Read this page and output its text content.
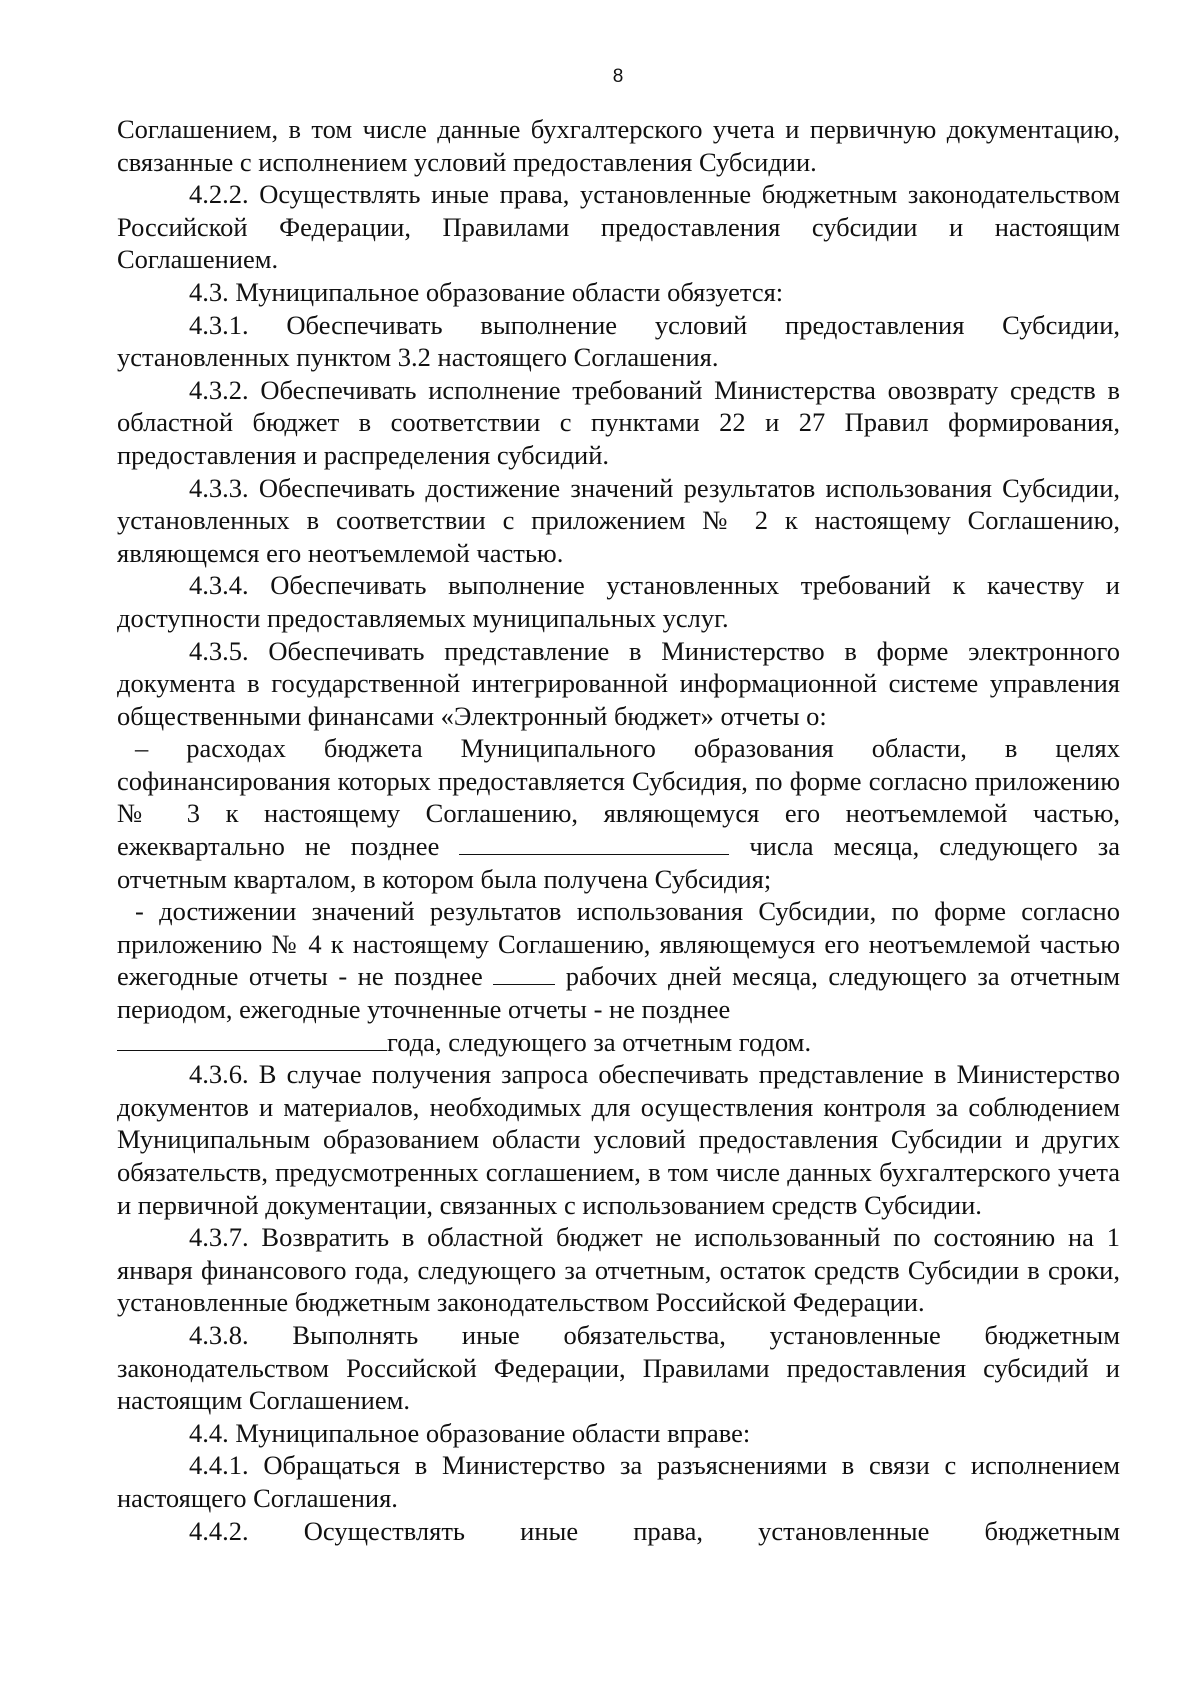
8

Соглашением, в том числе данные бухгалтерского учета и первичную документацию, связанные с исполнением условий предоставления Субсидии.

4.2.2. Осуществлять иные права, установленные бюджетным законодательством Российской Федерации, Правилами предоставления субсидии и настоящим Соглашением.

4.3. Муниципальное образование области обязуется:

4.3.1. Обеспечивать выполнение условий предоставления Субсидии, установленных пунктом 3.2 настоящего Соглашения.

4.3.2. Обеспечивать исполнение требований Министерства овозврату средств в областной бюджет в соответствии с пунктами 22 и 27 Правил формирования, предоставления и распределения субсидий.

4.3.3. Обеспечивать достижение значений результатов использования Субсидии, установленных в соответствии с приложением № 2 к настоящему Соглашению, являющемся его неотъемлемой частью.

4.3.4. Обеспечивать выполнение установленных требований к качеству и доступности предоставляемых муниципальных услуг.

4.3.5. Обеспечивать представление в Министерство в форме электронного документа в государственной интегрированной информационной системе управления общественными финансами «Электронный бюджет» отчеты о:

– расходах бюджета Муниципального образования области, в целях софинансирования которых предоставляется Субсидия, по форме согласно приложению № 3 к настоящему Соглашению, являющемуся его неотъемлемой частью, ежеквартально не позднее	числа месяца, следующего за отчетным кварталом, в котором была получена Субсидия;

- достижении значений результатов использования Субсидии, по форме согласно приложению № 4 к настоящему Соглашению, являющемуся его неотъемлемой частью ежегодные отчеты - не позднее	рабочих дней месяца, следующего за отчетным периодом, ежегодные уточненные отчеты - не позднее
года, следующего за отчетным годом.

4.3.6. В случае получения запроса обеспечивать представление в Министерство документов и материалов, необходимых для осуществления контроля за соблюдением Муниципальным образованием области условий предоставления Субсидии и других обязательств, предусмотренных соглашением, в том числе данных бухгалтерского учета и первичной документации, связанных с использованием средств Субсидии.

4.3.7. Возвратить в областной бюджет не использованный по состоянию на 1 января финансового года, следующего за отчетным, остаток средств Субсидии в сроки, установленные бюджетным законодательством Российской Федерации.

4.3.8. Выполнять иные обязательства, установленные бюджетным законодательством Российской Федерации, Правилами предоставления субсидий и настоящим Соглашением.

4.4. Муниципальное образование области вправе:

4.4.1. Обращаться в Министерство за разъяснениями в связи с исполнением настоящего Соглашения.

4.4.2. Осуществлять иные права, установленные бюджетным
